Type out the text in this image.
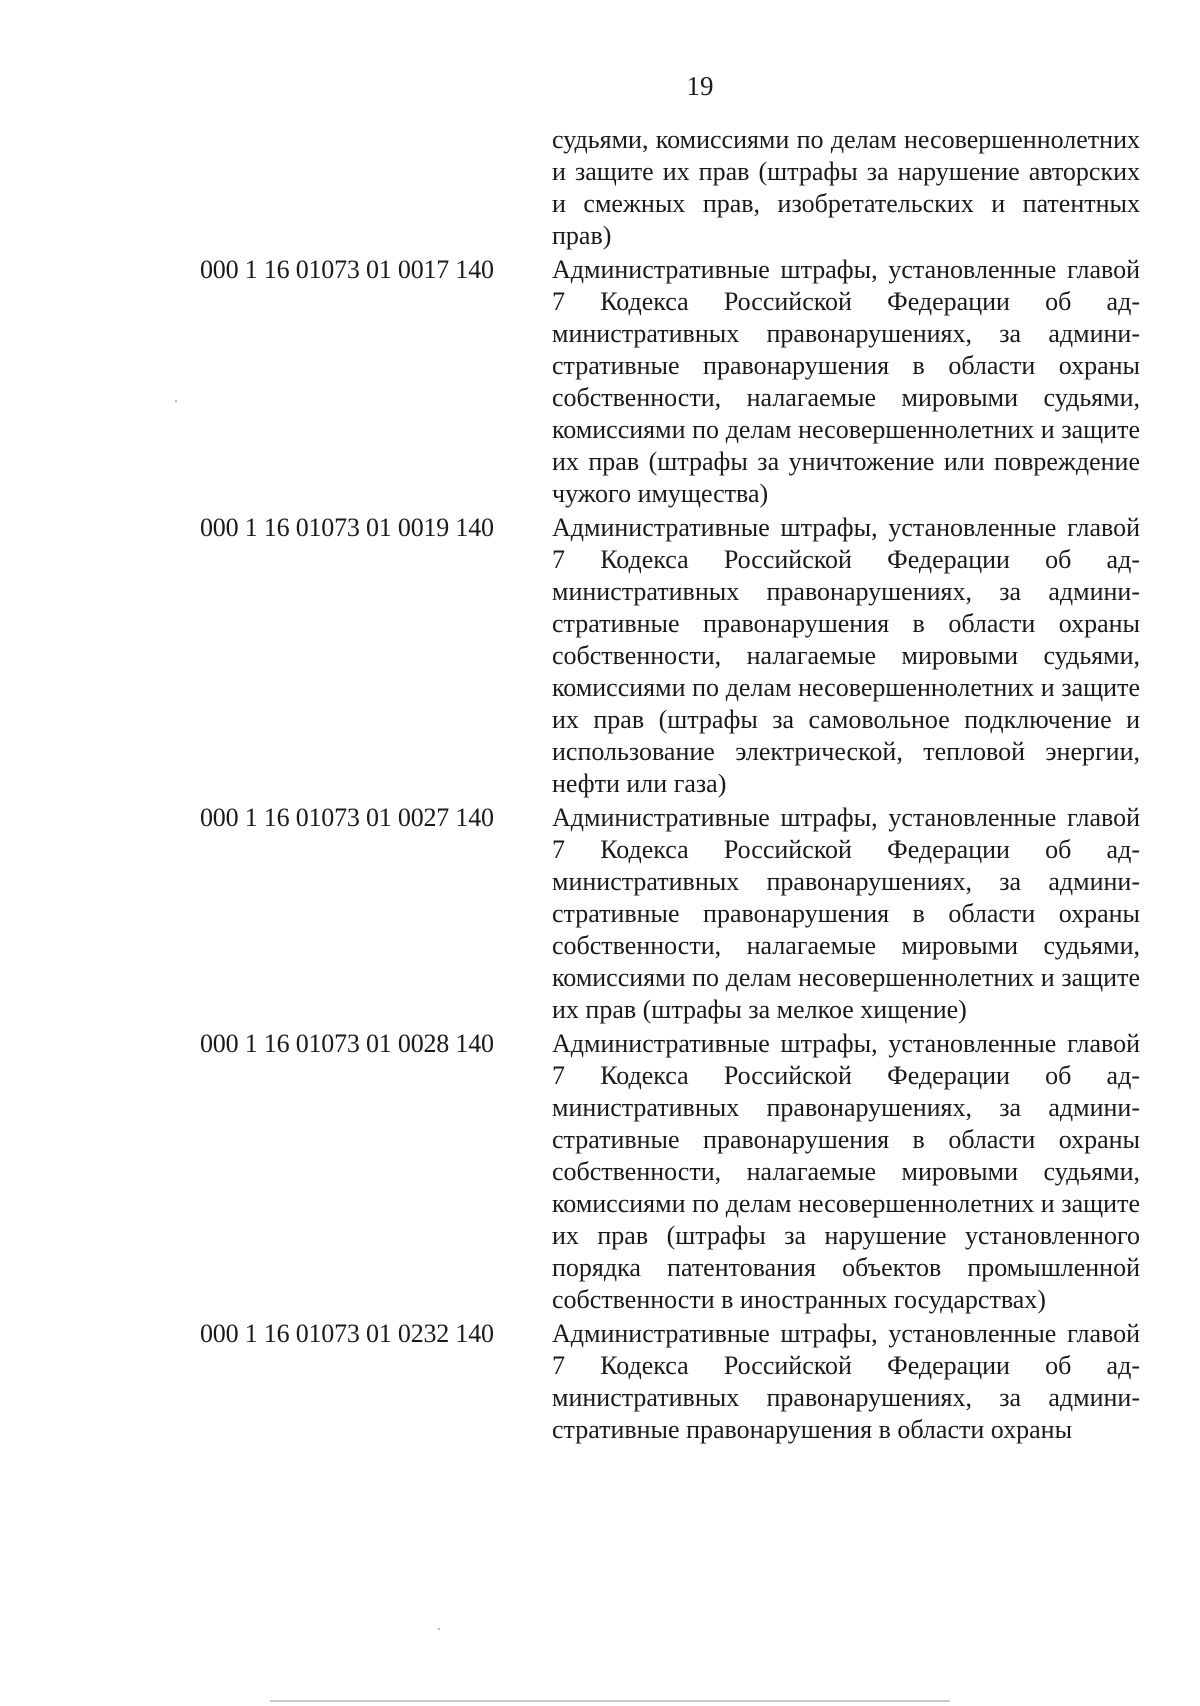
19
судьями, комиссиями по делам несовершеннолетних и защите их прав (штрафы за нарушение авторских и смежных прав, изобретательских и патентных прав)
000 1 16 01073 01 0017 140	Административные штрафы, установленные главой 7 Кодекса Российской Федерации об административных правонарушениях, за административные правонарушения в области охраны собственности, налагаемые мировыми судьями, комиссиями по делам несовершеннолетних и защите их прав (штрафы за уничтожение или повреждение чужого имущества)
000 1 16 01073 01 0019 140	Административные штрафы, установленные главой 7 Кодекса Российской Федерации об административных правонарушениях, за административные правонарушения в области охраны собственности, налагаемые мировыми судьями, комиссиями по делам несовершеннолетних и защите их прав (штрафы за самовольное подключение и использование электрической, тепловой энергии, нефти или газа)
000 1 16 01073 01 0027 140	Административные штрафы, установленные главой 7 Кодекса Российской Федерации об административных правонарушениях, за административные правонарушения в области охраны собственности, налагаемые мировыми судьями, комиссиями по делам несовершеннолетних и защите их прав (штрафы за мелкое хищение)
000 1 16 01073 01 0028 140	Административные штрафы, установленные главой 7 Кодекса Российской Федерации об административных правонарушениях, за административные правонарушения в области охраны собственности, налагаемые мировыми судьями, комиссиями по делам несовершеннолетних и защите их прав (штрафы за нарушение установленного порядка патентования объектов промышленной собственности в иностранных государствах)
000 1 16 01073 01 0232 140	Административные штрафы, установленные главой 7 Кодекса Российской Федерации об административных правонарушениях, за административные правонарушения в области охраны
